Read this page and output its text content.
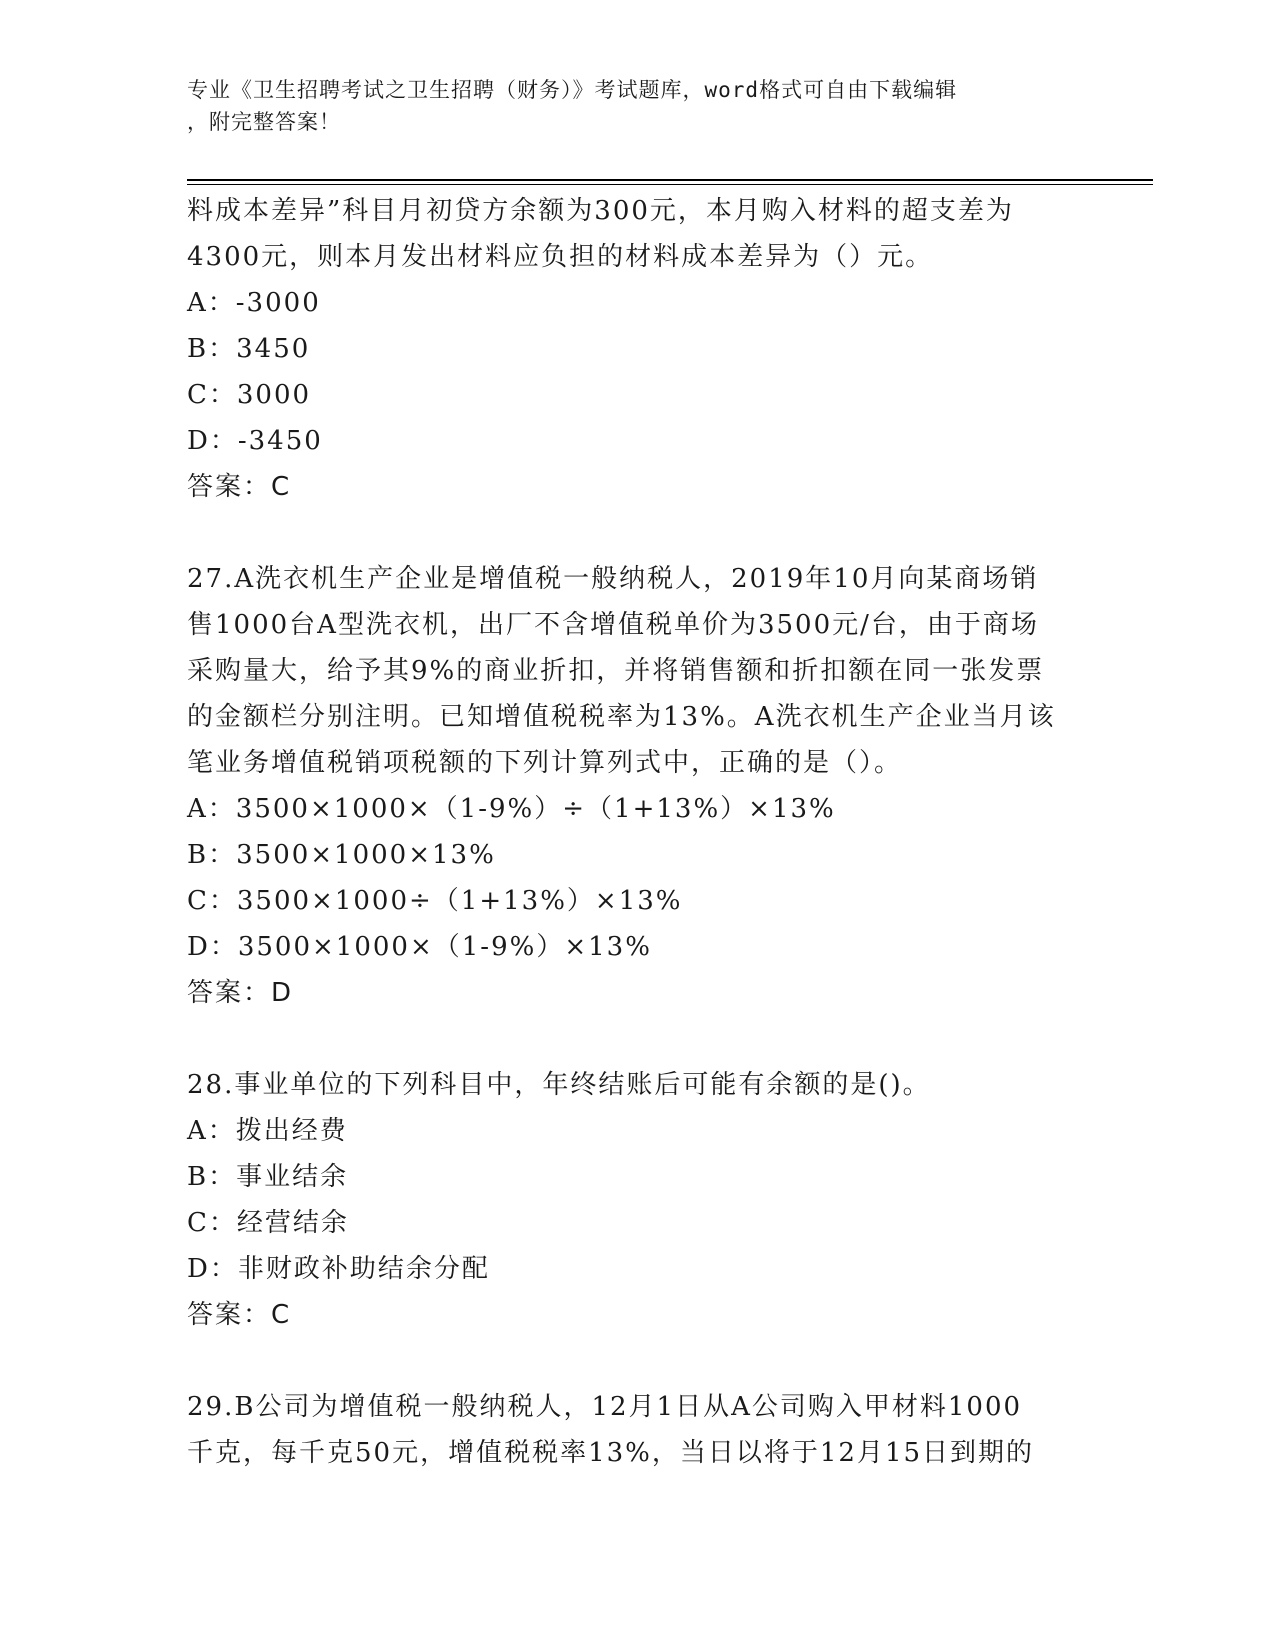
专业《卫生招聘考试之卫生招聘（财务）》考试题库，word格式可自由下载编辑
，附完整答案！

料成本差异”科目月初贷方余额为300元，本月购入材料的超支差为

4300元，则本月发出材料应负担的材料成本差异为（）元。

A：-3000

B：3450

C：3000

D：-3450

答案：C

27.A洗衣机生产企业是增值税一般纳税人，2019年10月向某商场销

售1000台A型洗衣机，出厂不含增值税单价为3500元/台，由于商场

采购量大，给予其9%的商业折扣，并将销售额和折扣额在同一张发票

的金额栏分别注明。已知增值税税率为13%。A洗衣机生产企业当月该

笔业务增值税销项税额的下列计算列式中，正确的是（）。

A：3500×1000×（1-9%）÷（1+13%）×13%

B：3500×1000×13%

C：3500×1000÷（1+13%）×13%

D：3500×1000×（1-9%）×13%

答案：D

28.事业单位的下列科目中，年终结账后可能有余额的是()。

A：拨出经费

B：事业结余

C：经营结余

D：非财政补助结余分配

答案：C

29.B公司为增值税一般纳税人，12月1日从A公司购入甲材料1000

千克，每千克50元，增值税税率13%，当日以将于12月15日到期的
